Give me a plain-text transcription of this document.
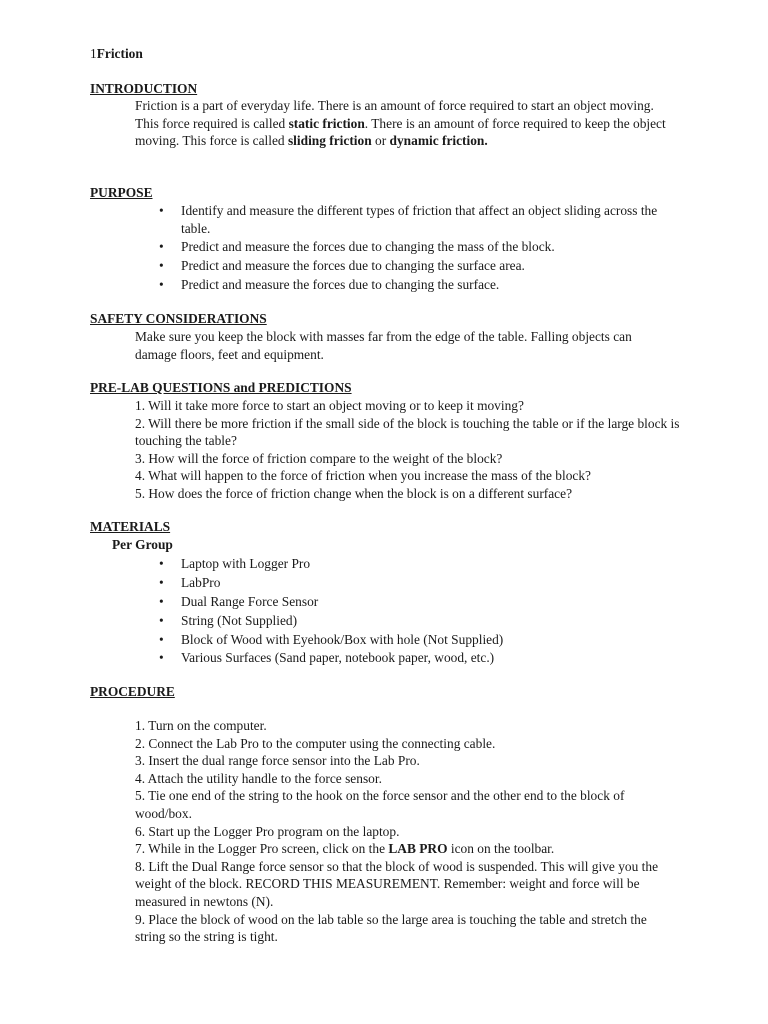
1Friction
INTRODUCTION

Friction is a part of everyday life. There is an amount of force required to start an object moving. This force required is called static friction. There is an amount of force required to keep the object moving. This force is called sliding friction or dynamic friction.

PURPOSE
• Identify and measure the different types of friction that affect an object sliding across the table.
• Predict and measure the forces due to changing the mass of the block.
• Predict and measure the forces due to changing the surface area.
• Predict and measure the forces due to changing the surface.
SAFETY CONSIDERATIONS

Make sure you keep the block with masses far from the edge of the table. Falling objects can damage floors, feet and equipment.

PRE-LAB QUESTIONS and PREDICTIONS
1. Will it take more force to start an object moving or to keep it moving?
2. Will there be more friction if the small side of the block is touching the table or if the large block is touching the table?
3. How will the force of friction compare to the weight of the block?
4. What will happen to the force of friction when you increase the mass of the block?
5. How does the force of friction change when the block is on a different surface?
MATERIALS
Per Group
• Laptop with Logger Pro
• LabPro
• Dual Range Force Sensor
• String (Not Supplied)
• Block of Wood with Eyehook/Box with hole (Not Supplied)
• Various Surfaces (Sand paper, notebook paper, wood, etc.)
PROCEDURE
1. Turn on the computer.
2. Connect the Lab Pro to the computer using the connecting cable.
3. Insert the dual range force sensor into the Lab Pro.
4. Attach the utility handle to the force sensor.
5. Tie one end of the string to the hook on the force sensor and the other end to the block of wood/box.
6. Start up the Logger Pro program on the laptop.
7. While in the Logger Pro screen, click on the LAB PRO icon on the toolbar.
8. Lift the Dual Range force sensor so that the block of wood is suspended. This will give you the weight of the block. RECORD THIS MEASUREMENT. Remember: weight and force will be measured in newtons (N).
9. Place the block of wood on the lab table so the large area is touching the table and stretch the string so the string is tight.
